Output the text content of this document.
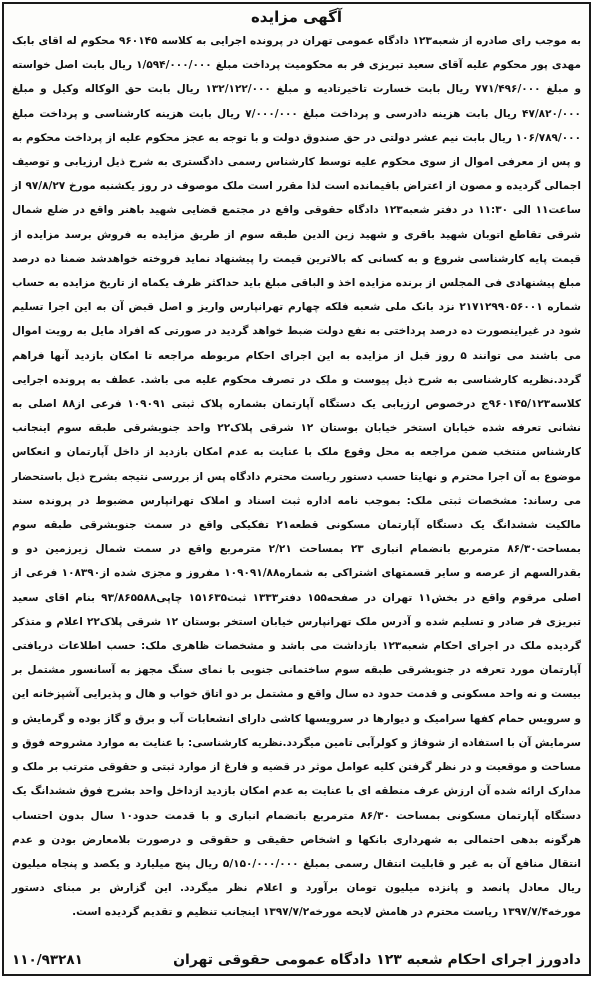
آگهی مزایده
به موجب رای صادره از شعبه۱۲۳ دادگاه عمومی تهران در پرونده اجرایی به کلاسه ۹۶۰۱۴۵ محکوم له اقای بابک مهدی پور محکوم علیه آقای سعید تبریزی فر به محکومیت پرداخت مبلغ ۱/۵۹۴/۰۰۰/۰۰۰ ریال بابت اصل خواسته و مبلغ ۷۷۱/۴۹۶/۰۰۰ ریال بابت خسارت تاخیرتادیه و مبلغ ۱۳۲/۱۲۲/۰۰۰ ریال بابت حق الوکاله وکیل و مبلغ ۴۷/۸۲۰/۰۰۰ ریال بابت هزینه دادرسی و پرداخت مبلغ ۷/۰۰۰/۰۰۰ ریال بابت هزینه کارشناسی و پرداخت مبلغ ۱۰۶/۷۸۹/۰۰۰ ریال بابت نیم عشر دولتی در حق صندوق دولت و با توجه به عجز محکوم علیه از پرداخت محکوم به و پس از معرفی اموال از سوی محکوم علیه توسط کارشناس رسمی دادگستری به شرح ذیل ارزیابی و توصیف اجمالی گردیده و مصون از اعتراض باقیمانده است لذا مقرر است ملک موصوف در روز یکشنبه مورخ ۹۷/۸/۲۷ از ساعت۱۱ الی ۱۱:۳۰ در دفتر شعبه۱۲۳ دادگاه حقوقی واقع در مجتمع قضایی شهید باهنر واقع در ضلع شمال شرقی تقاطع اتوبان شهید باقری و شهید زین الدین طبقه سوم از طریق مزایده به فروش برسد مزایده از قیمت پایه کارشناسی شروع و به کسانی که بالاترین قیمت را پیشنهاد نماید فروخته خواهدشد ضمنا ده درصد مبلغ پیشنهادی فی المجلس از برنده مزایده اخذ و الباقی مبلغ باید حداکثر ظرف یکماه از تاریخ مزایده به حساب شماره ۲۱۷۱۲۹۹۰۵۶۰۰۱ نزد بانک ملی شعبه فلکه چهارم تهرانپارس واریز و اصل قبض آن به این اجرا تسلیم شود در غیراینصورت ده درصد پرداختی به نفع دولت ضبط خواهد گردید در صورتی که افراد مایل به رویت اموال می باشند می توانند ۵ روز قبل از مزایده به این اجرای احکام مربوطه مراجعه تا امکان بازدید آنها فراهم گردد.نظریه کارشناسی به شرح ذیل پیوست و ملک در تصرف محکوم علیه می باشد. عطف به پرونده اجرایی کلاسه۹۶۰۱۴۵/۱۲۳ج درخصوص ارزیابی یک دستگاه آپارتمان بشماره پلاک ثبتی ۱۰۹۰۹۱ فرعی از۸۸ اصلی به نشانی تعرفه شده خیابان استخر خیابان بوستان ۱۲ شرقی پلاک۲۲ واحد جنوبشرقی طبقه سوم اینجانب کارشناس منتخب ضمن مراجعه به محل وقوع ملک با عنایت به عدم امکان بازدید از داخل آپارتمان و انعکاس موضوع به آن اجرا محترم و نهایتا حسب دستور ریاست محترم دادگاه پس از بررسی نتیجه بشرح ذیل باستحضار می رساند: مشخصات ثبتی ملک: بموجب نامه اداره ثبت اسناد و املاک تهرانپارس مضبوط در پرونده سند مالکیت ششدانگ یک دستگاه آپارتمان مسکونی قطعه۲۱ تفکیکی واقع در سمت جنوبشرقی طبقه سوم بمساحت۸۶/۳۰ مترمربع بانضمام انباری ۲۳ بمساحت ۲/۲۱ مترمربع واقع در سمت شمال زیرزمین دو و بقدرالسهم از عرصه و سایر قسمتهای اشتراکی به شماره۱۰۹۰۹۱/۸۸ مفروز و مجزی شده از۱۰۸۳۹۰ فرعی از اصلی مرقوم واقع در بخش۱۱ تهران در صفحه۱۵۵ دفتر۱۳۳۳ ثبت۱۵۱۶۳۵ چاپی۹۳/۸۶۵۵۸۸ بنام اقای سعید تبریزی فر صادر و تسلیم شده و آدرس ملک تهرانپارس خیابان استخر بوستان ۱۲ شرقی پلاک۲۲ اعلام و متذکر گردیده ملک در اجرای احکام شعبه۱۲۳ بازداشت می باشد و مشخصات ظاهری ملک: حسب اطلاعات دریافتی آپارتمان مورد تعرفه در جنوبشرقی طبقه سوم ساختمانی جنوبی با نمای سنگ مجهز به آسانسور مشتمل بر بیست و نه واحد مسکونی و قدمت حدود ده سال واقع و مشتمل بر دو اتاق خواب و هال و پذیرایی آشپزخانه این و سرویس حمام کفها سرامیک و دیوارها در سرویسها کاشی دارای انشعابات آب و برق و گاز بوده و گرمایش و سرمایش آن با استفاده از شوفاژ و کولرآبی تامین میگردد.نظریه کارشناسی: با عنایت به موارد مشروحه فوق و مساحت و موقعیت و در نظر گرفتن کلیه عوامل موثر در قضیه و فارغ از موارد ثبتی و حقوقی مترتب بر ملک و مدارک ارائه شده آن ارزش عرف منطقه ای با عنایت به عدم امکان بازدید ازداخل واحد بشرح فوق ششدانگ یک دستگاه آپارتمان مسکونی بمساحت ۸۶/۳۰ مترمربع بانضمام انباری و با قدمت حدود۱۰ سال بدون احتساب هرگونه بدهی احتمالی به شهرداری بانکها و اشخاص حقیقی و حقوقی و درصورت بلامعارض بودن و عدم انتقال منافع آن به غیر و قابلیت انتقال رسمی بمبلغ ۵/۱۵۰/۰۰۰/۰۰۰ ریال پنج میلیارد و یکصد و پنجاه میلیون ریال معادل پانصد و پانزده میلیون تومان برآورد و اعلام نظر میگردد. این گزارش بر مبنای دستور مورخه۱۳۹۷/۷/۴ ریاست محترم در هامش لایحه مورخه۱۳۹۷/۷/۲ اینجانب تنظیم و تقدیم گردیده است.
دادورز اجرای احکام شعبه ۱۲۳ دادگاه عمومی حقوقی تهران
۱۱۰/۹۳۲۸۱
